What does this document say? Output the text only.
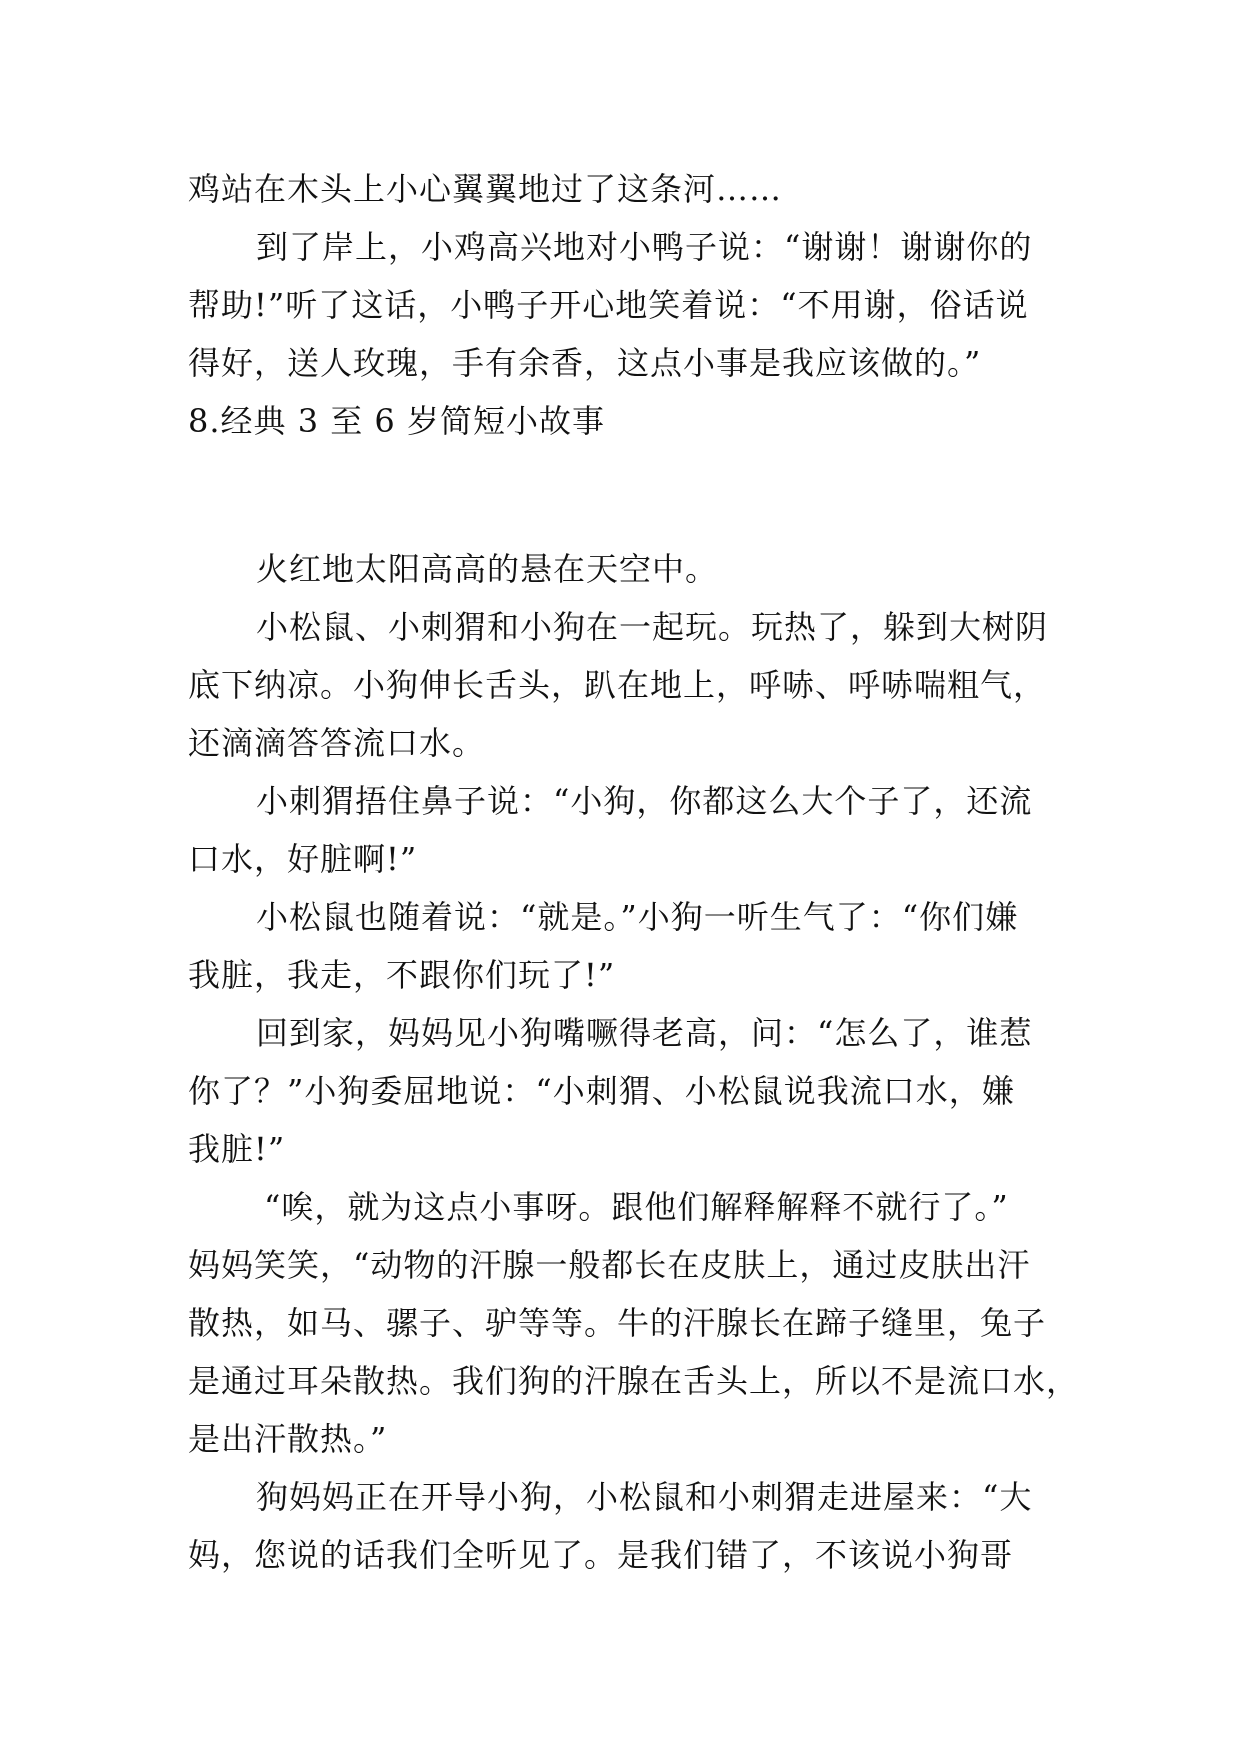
鸡站在木头上小心翼翼地过了这条河……
到了岸上，小鸡高兴地对小鸭子说：“谢谢！谢谢你的
帮助!”听了这话，小鸭子开心地笑着说：“不用谢，俗话说
得好，送人玫瑰，手有余香，这点小事是我应该做的。”
8.经典 3 至 6 岁简短小故事
火红地太阳高高的悬在天空中。
小松鼠、小刺猬和小狗在一起玩。玩热了，躲到大树阴
底下纳凉。小狗伸长舌头，趴在地上，呼哧、呼哧喘粗气，
还滴滴答答流口水。
小刺猬捂住鼻子说：“小狗，你都这么大个子了，还流
口水，好脏啊!”
小松鼠也随着说：“就是。”小狗一听生气了：“你们嫌
我脏，我走，不跟你们玩了!”
回到家，妈妈见小狗嘴噘得老高，问：“怎么了，谁惹
你了？”小狗委屈地说：“小刺猬、小松鼠说我流口水，嫌
我脏!”
“唉，就为这点小事呀。跟他们解释解释不就行了。”
妈妈笑笑，“动物的汗腺一般都长在皮肤上，通过皮肤出汗
散热，如马、骡子、驴等等。牛的汗腺长在蹄子缝里，兔子
是通过耳朵散热。我们狗的汗腺在舌头上，所以不是流口水，
是出汗散热。”
狗妈妈正在开导小狗，小松鼠和小刺猬走进屋来：“大
妈，您说的话我们全听见了。是我们错了，不该说小狗哥
